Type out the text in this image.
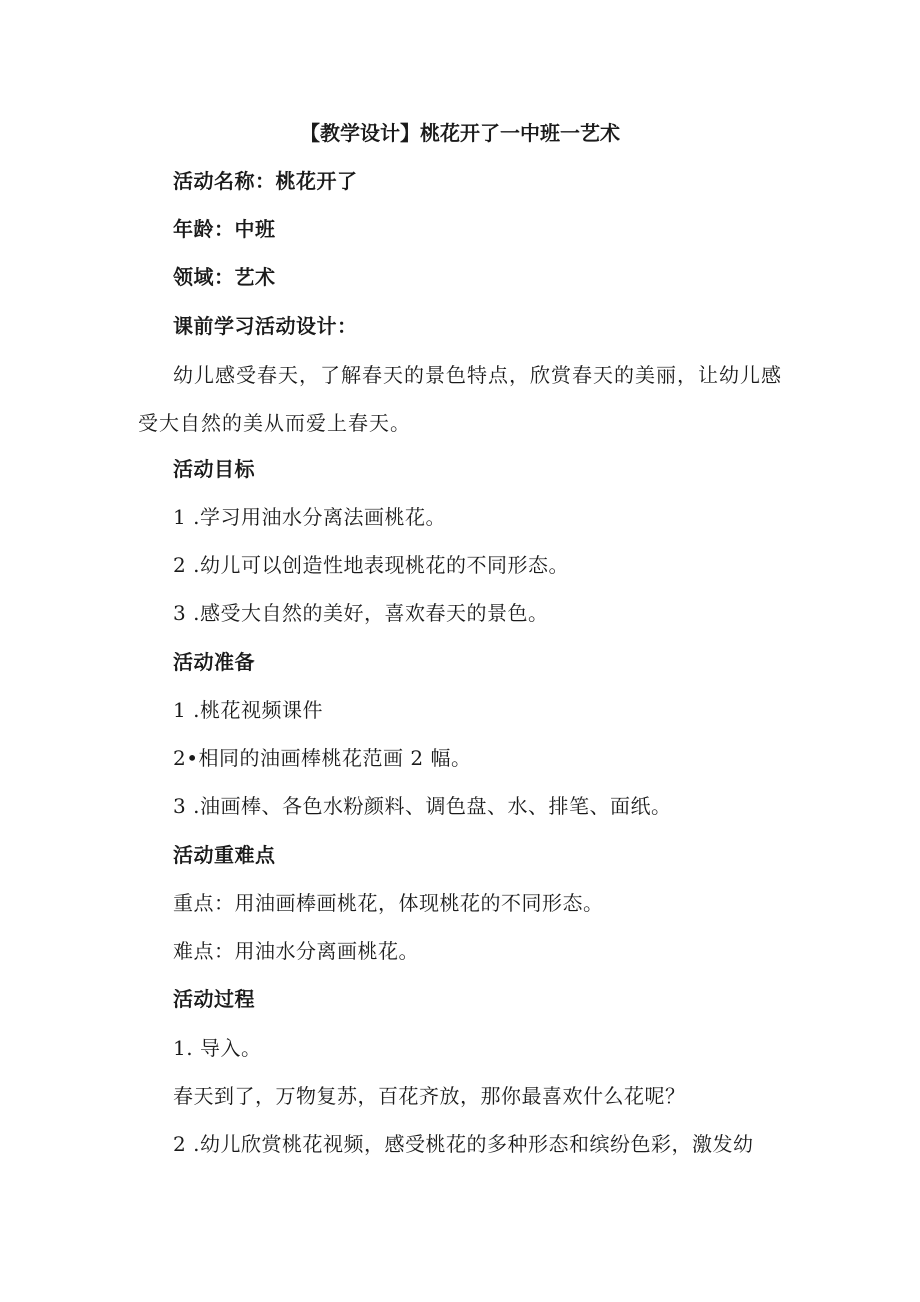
【教学设计】桃花开了一中班一艺术
活动名称：桃花开了
年龄：中班
领域：艺术
课前学习活动设计：
幼儿感受春天，了解春天的景色特点，欣赏春天的美丽，让幼儿感受大自然的美从而爱上春天。
活动目标
1 .学习用油水分离法画桃花。
2 .幼儿可以创造性地表现桃花的不同形态。
3 .感受大自然的美好，喜欢春天的景色。
活动准备
1 .桃花视频课件
2•相同的油画棒桃花范画 2 幅。
3 .油画棒、各色水粉颜料、调色盘、水、排笔、面纸。
活动重难点
重点：用油画棒画桃花，体现桃花的不同形态。
难点：用油水分离画桃花。
活动过程
1. 导入。
春天到了，万物复苏，百花齐放，那你最喜欢什么花呢？
2 .幼儿欣赏桃花视频，感受桃花的多种形态和缤纷色彩，激发幼
